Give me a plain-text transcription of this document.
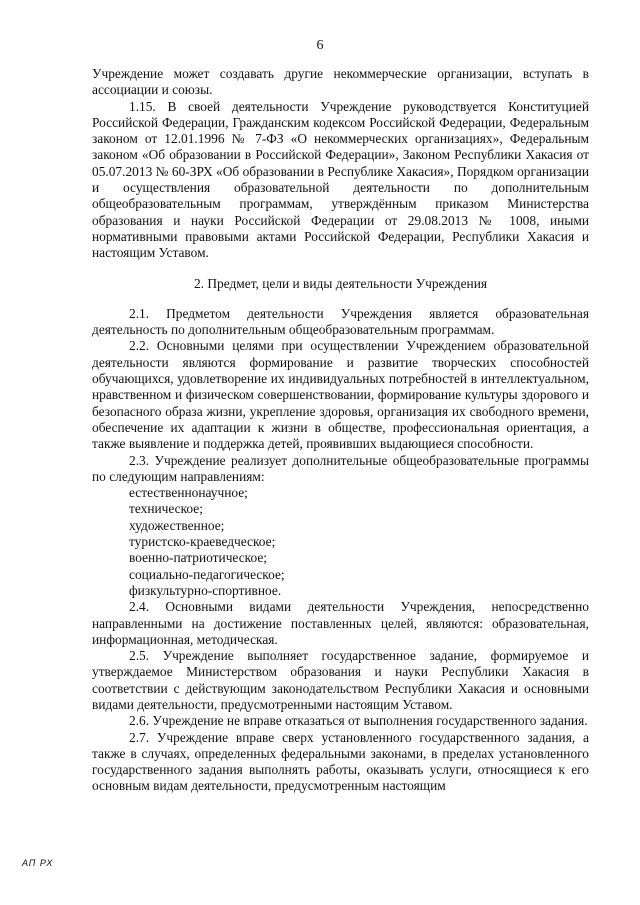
6

Учреждение может создавать другие некоммерческие организации, вступать в ассоциации и союзы.

1.15. В своей деятельности Учреждение руководствуется Конституцией Российской Федерации, Гражданским кодексом Российской Федерации, Федеральным законом от 12.01.1996 № 7-ФЗ «О некоммерческих организациях», Федеральным законом «Об образовании в Российской Федерации», Законом Республики Хакасия от 05.07.2013 № 60-ЗРХ «Об образовании в Республике Хакасия», Порядком организации и осуществления образовательной деятельности по дополнительным общеобразовательным программам, утверждённым приказом Министерства образования и науки Российской Федерации от 29.08.2013 № 1008, иными нормативными правовыми актами Российской Федерации, Республики Хакасия и настоящим Уставом.

2. Предмет, цели и виды деятельности Учреждения

2.1. Предметом деятельности Учреждения является образовательная деятельность по дополнительным общеобразовательным программам.

2.2. Основными целями при осуществлении Учреждением образовательной деятельности являются формирование и развитие творческих способностей обучающихся, удовлетворение их индивидуальных потребностей в интеллектуальном, нравственном и физическом совершенствовании, формирование культуры здорового и безопасного образа жизни, укрепление здоровья, организация их свободного времени, обеспечение их адаптации к жизни в обществе, профессиональная ориентация, а также выявление и поддержка детей, проявивших выдающиеся способности.

2.3. Учреждение реализует дополнительные общеобразовательные программы по следующим направлениям:

естественнонаучное;

техническое;

художественное;

туристско-краеведческое;

военно-патриотическое;

социально-педагогическое;

физкультурно-спортивное.

2.4. Основными видами деятельности Учреждения, непосредственно направленными на достижение поставленных целей, являются: образовательная, информационная, методическая.

2.5. Учреждение выполняет государственное задание, формируемое и утверждаемое Министерством образования и науки Республики Хакасия в соответствии с действующим законодательством Республики Хакасия и основными видами деятельности, предусмотренными настоящим Уставом.

2.6. Учреждение не вправе отказаться от выполнения государственного задания.

2.7. Учреждение вправе сверх установленного государственного задания, а также в случаях, определенных федеральными законами, в пределах установленного государственного задания выполнять работы, оказывать услуги, относящиеся к его основным видам деятельности, предусмотренным настоящим

АП РХ
